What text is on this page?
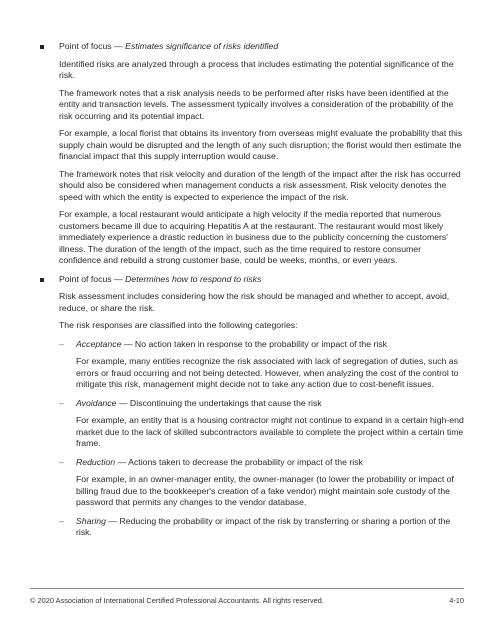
Point of focus — Estimates significance of risks identified
Identified risks are analyzed through a process that includes estimating the potential significance of the risk.
The framework notes that a risk analysis needs to be performed after risks have been identified at the entity and transaction levels. The assessment typically involves a consideration of the probability of the risk occurring and its potential impact.
For example, a local florist that obtains its inventory from overseas might evaluate the probability that this supply chain would be disrupted and the length of any such disruption; the florist would then estimate the financial impact that this supply interruption would cause.
The framework notes that risk velocity and duration of the length of the impact after the risk has occurred should also be considered when management conducts a risk assessment. Risk velocity denotes the speed with which the entity is expected to experience the impact of the risk.
For example, a local restaurant would anticipate a high velocity if the media reported that numerous customers became ill due to acquiring Hepatitis A at the restaurant. The restaurant would most likely immediately experience a drastic reduction in business due to the publicity concerning the customers' illness. The duration of the length of the impact, such as the time required to restore consumer confidence and rebuild a strong customer base, could be weeks, months, or even years.
Point of focus — Determines how to respond to risks
Risk assessment includes considering how the risk should be managed and whether to accept, avoid, reduce, or share the risk.
The risk responses are classified into the following categories:
– Acceptance — No action taken in response to the probability or impact of the risk
For example, many entities recognize the risk associated with lack of segregation of duties, such as errors or fraud occurring and not being detected. However, when analyzing the cost of the control to mitigate this risk, management might decide not to take any action due to cost-benefit issues.
– Avoidance — Discontinuing the undertakings that cause the risk
For example, an entity that is a housing contractor might not continue to expand in a certain high-end market due to the lack of skilled subcontractors available to complete the project within a certain time frame.
– Reduction — Actions taken to decrease the probability or impact of the risk
For example, in an owner-manager entity, the owner-manager (to lower the probability or impact of billing fraud due to the bookkeeper's creation of a fake vendor) might maintain sole custody of the password that permits any changes to the vendor database.
– Sharing — Reducing the probability or impact of the risk by transferring or sharing a portion of the risk.
© 2020 Association of International Certified Professional Accountants. All rights reserved.	4-10
